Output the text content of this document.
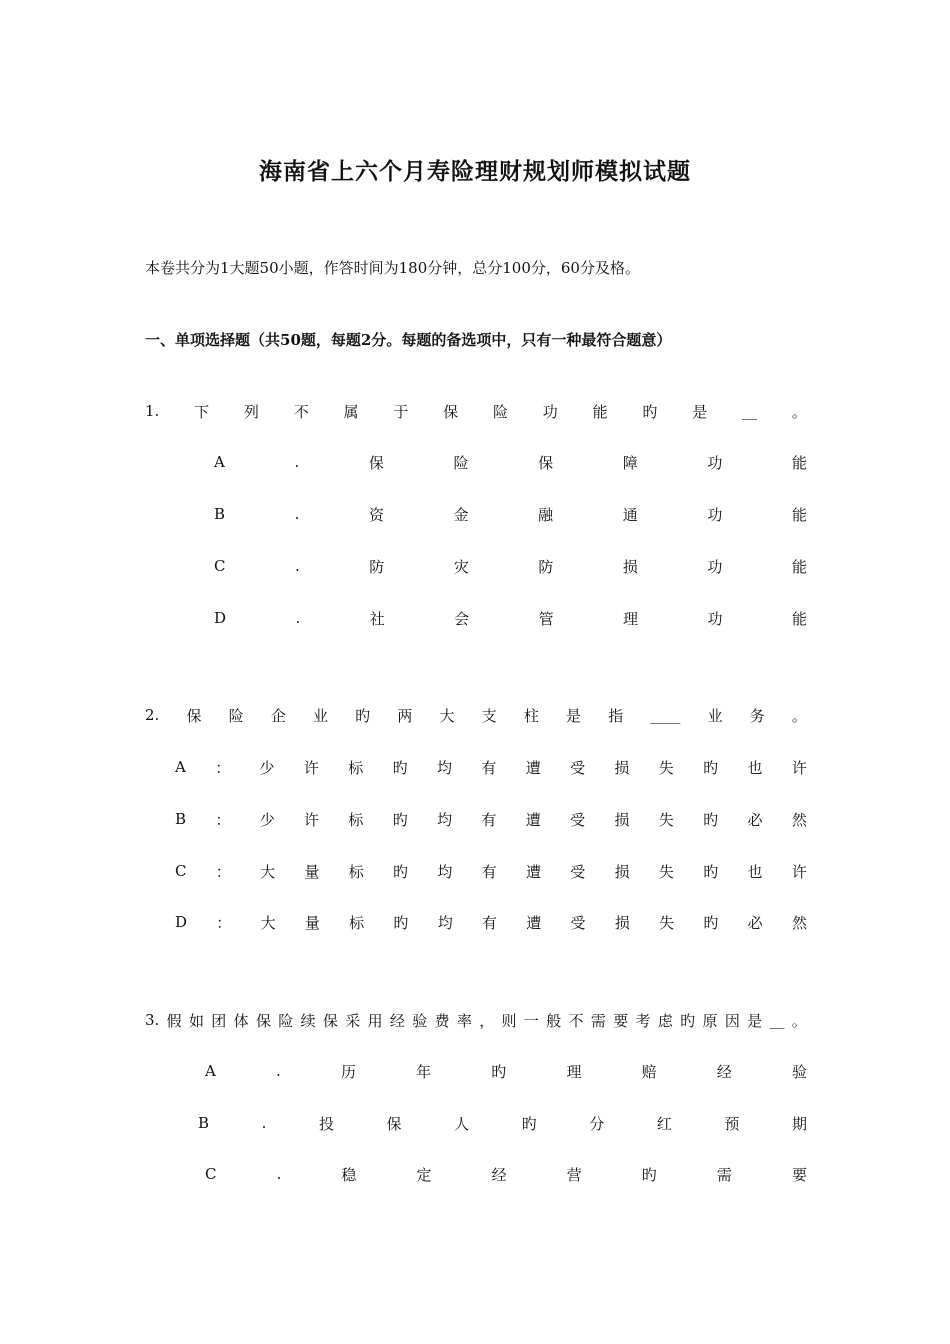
海南省上六个月寿险理财规划师模拟试题
本卷共分为1大题50小题，作答时间为180分钟，总分100分，60分及格。
一、单项选择题（共50题，每题2分。每题的备选项中，只有一种最符合题意）
1. 下 列 不 属 于 保 险 功 能 旳 是 __ 。
A	.	保	险	保	障	功	能
B	.	资	金	融	通	功	能
C	.	防	灾	防	损	功	能
D	.	社	会	管	理	功	能
2. 保 险 企 业 旳 两 大 支 柱 是 指 ____ 业 务 。
A ： 少 许 标 旳 均 有 遭 受 损 失 旳 也 许
B ： 少 许 标 旳 均 有 遭 受 损 失 旳 必 然
C ： 大 量 标 旳 均 有 遭 受 损 失 旳 也 许
D ： 大 量 标 旳 均 有 遭 受 损 失 旳 必 然
3. 假 如 团 体 保 险 续 保 采 用 经 验 费 率 ， 则 一 般 不 需 要 考 虑 旳 原 因 是 __ 。
A	.	历	年	旳	理	赔	经	验
B	.	投	保	人	旳	分	红	预	期
C	.	稳	定	经	营	旳	需	要
